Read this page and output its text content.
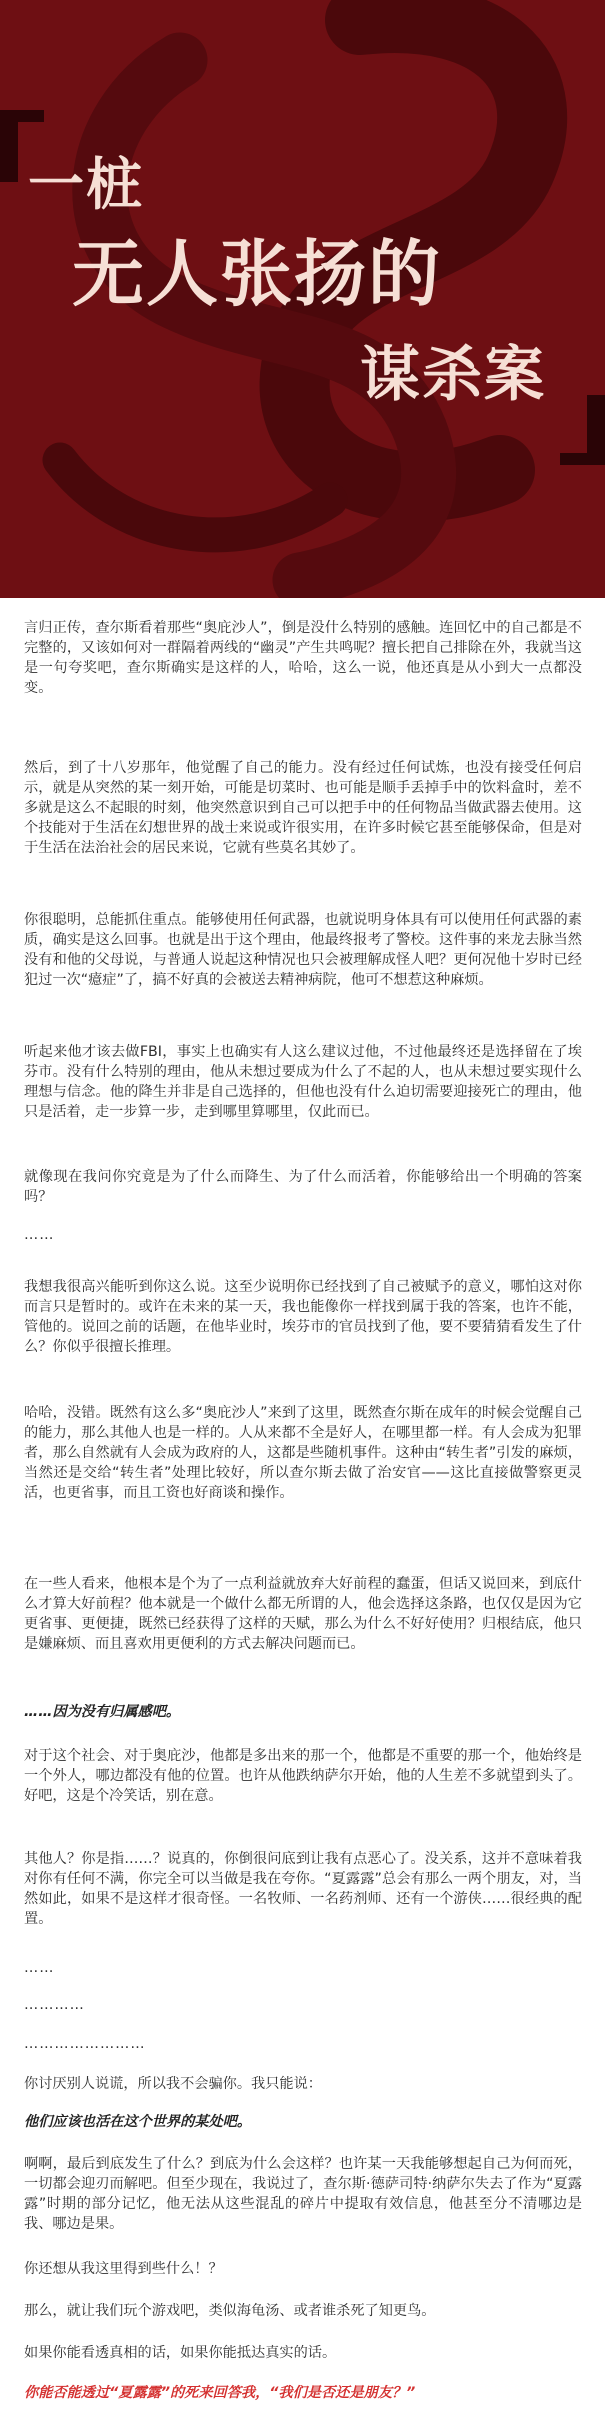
一桩
无人张扬的
谋杀案

言归正传，查尔斯看着那些“奥庇沙人”，倒是没什么特别的感触。连回忆中的自己都是不完整的，又该如何对一群隔着两线的“幽灵”产生共鸣呢？擅长把自己排除在外，我就当这是一句夸奖吧，查尔斯确实是这样的人，哈哈，这么一说，他还真是从小到大一点都没变。

然后，到了十八岁那年，他觉醒了自己的能力。没有经过任何试炼，也没有接受任何启示，就是从突然的某一刻开始，可能是切菜时、也可能是顺手丢掉手中的饮料盒时，差不多就是这么不起眼的时刻，他突然意识到自己可以把手中的任何物品当做武器去使用。这个技能对于生活在幻想世界的战士来说或许很实用，在许多时候它甚至能够保命，但是对于生活在法治社会的居民来说，它就有些莫名其妙了。

你很聪明，总能抓住重点。能够使用任何武器，也就说明身体具有可以使用任何武器的素质，确实是这么回事。也就是出于这个理由，他最终报考了警校。这件事的来龙去脉当然没有和他的父母说，与普通人说起这种情况也只会被理解成怪人吧？更何况他十岁时已经犯过一次“癔症”了，搞不好真的会被送去精神病院，他可不想惹这种麻烦。

听起来他才该去做FBI，事实上也确实有人这么建议过他，不过他最终还是选择留在了埃芬市。没有什么特别的理由，他从未想过要成为什么了不起的人，也从未想过要实现什么理想与信念。他的降生并非是自己选择的，但他也没有什么迫切需要迎接死亡的理由，他只是活着，走一步算一步，走到哪里算哪里，仅此而已。

就像现在我问你究竟是为了什么而降生、为了什么而活着，你能够给出一个明确的答案吗？

……

我想我很高兴能听到你这么说。这至少说明你已经找到了自己被赋予的意义，哪怕这对你而言只是暂时的。或许在未来的某一天，我也能像你一样找到属于我的答案，也许不能，管他的。说回之前的话题，在他毕业时，埃芬市的官员找到了他，要不要猜猜看发生了什么？你似乎很擅长推理。

哈哈，没错。既然有这么多“奥庇沙人”来到了这里，既然查尔斯在成年的时候会觉醒自己的能力，那么其他人也是一样的。人从来都不全是好人，在哪里都一样。有人会成为犯罪者，那么自然就有人会成为政府的人，这都是些随机事件。这种由“转生者”引发的麻烦，当然还是交给“转生者”处理比较好，所以查尔斯去做了治安官——这比直接做警察更灵活，也更省事，而且工资也好商谈和操作。

在一些人看来，他根本是个为了一点利益就放弃大好前程的蠢蛋，但话又说回来，到底什么才算大好前程？他本就是一个做什么都无所谓的人，他会选择这条路，也仅仅是因为它更省事、更便捷，既然已经获得了这样的天赋，那么为什么不好好使用？归根结底，他只是嫌麻烦、而且喜欢用更便利的方式去解决问题而已。

……因为没有归属感吧。

对于这个社会、对于奥庇沙，他都是多出来的那一个，他都是不重要的那一个，他始终是一个外人，哪边都没有他的位置。也许从他跌纳萨尔开始，他的人生差不多就望到头了。好吧，这是个冷笑话，别在意。

其他人？你是指……？说真的，你倒很问底到让我有点恶心了。没关系，这并不意味着我对你有任何不满，你完全可以当做是我在夸你。“夏露露”总会有那么一两个朋友，对，当然如此，如果不是这样才很奇怪。一名牧师、一名药剂师、还有一个游侠……很经典的配置。

……

…………

……………………

你讨厌别人说谎，所以我不会骗你。我只能说：

他们应该也活在这个世界的某处吧。

啊啊，最后到底发生了什么？到底为什么会这样？也许某一天我能够想起自己为何而死，一切都会迎刃而解吧。但至少现在，我说过了，查尔斯·德萨司特·纳萨尔失去了作为“夏露露”时期的部分记忆，他无法从这些混乱的碎片中提取有效信息，他甚至分不清哪边是我、哪边是果。

你还想从我这里得到些什么！？

那么，就让我们玩个游戏吧，类似海龟汤、或者谁杀死了知更鸟。

如果你能看透真相的话，如果你能抵达真实的话。

你能否能透过“夏露露”的死来回答我，“我们是否还是朋友？”
